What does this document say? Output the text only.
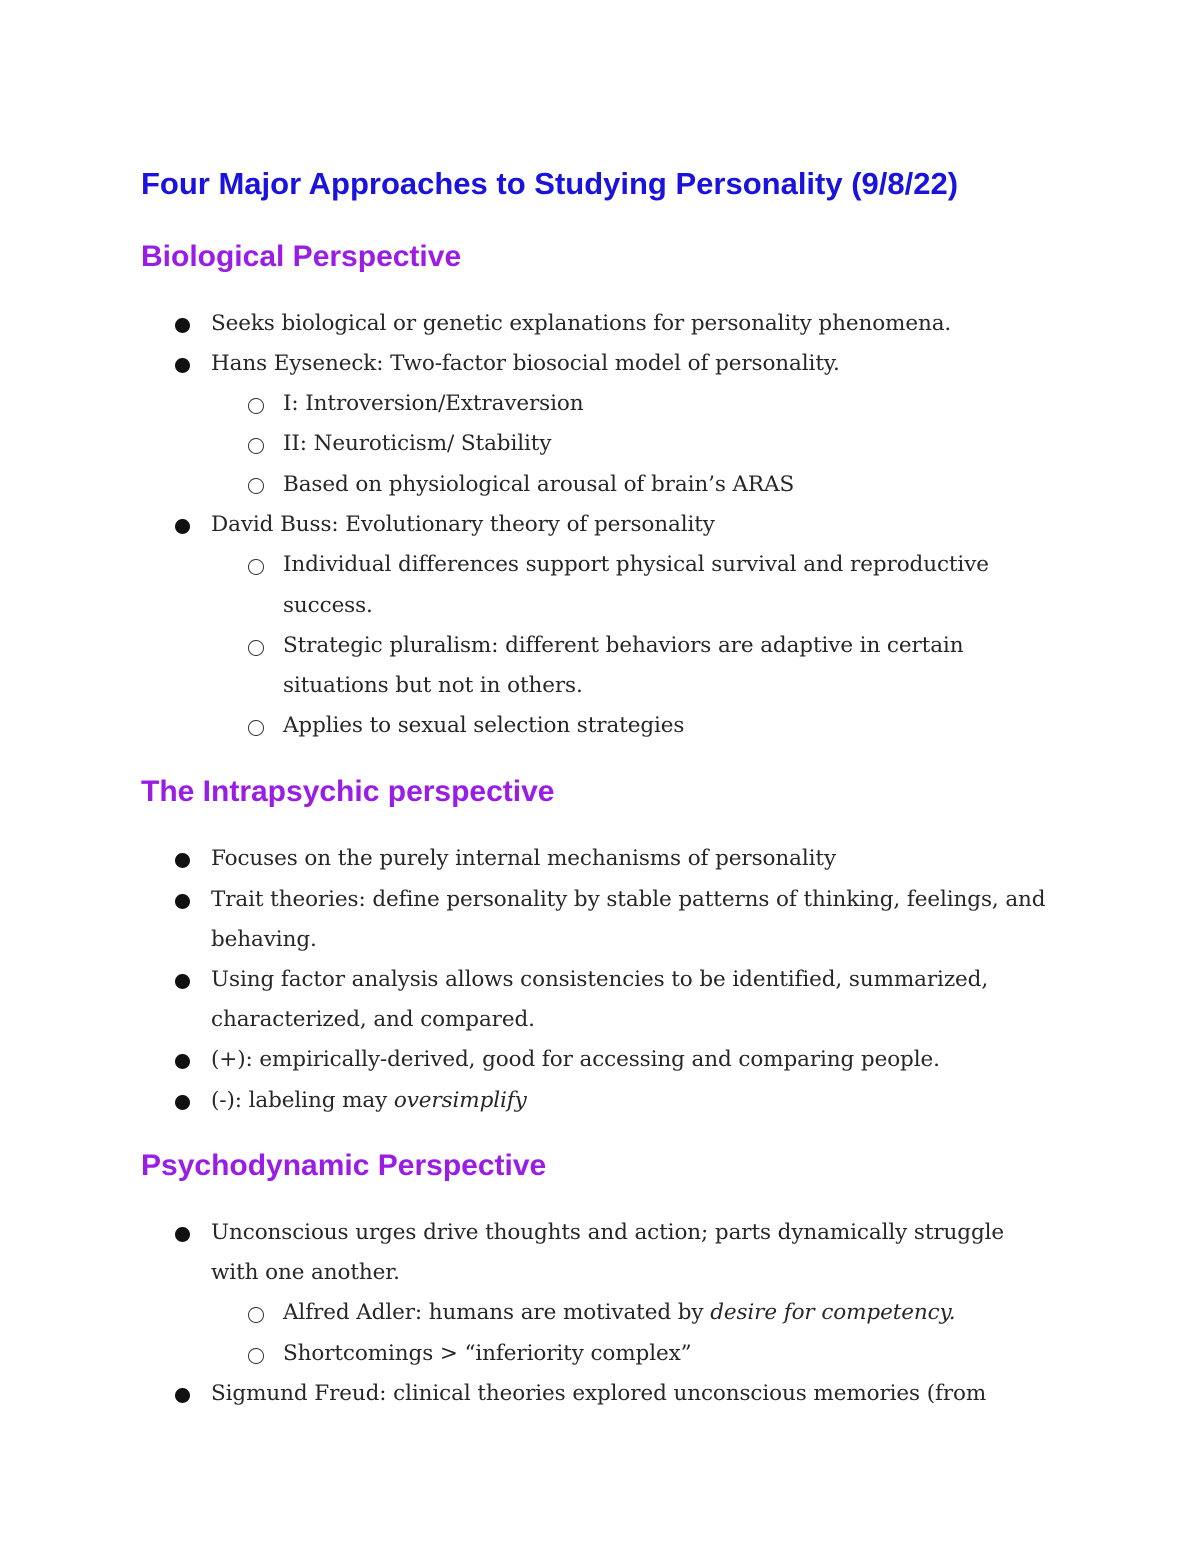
Four Major Approaches to Studying Personality (9/8/22)
Biological Perspective
Seeks biological or genetic explanations for personality phenomena.
Hans Eyseneck: Two-factor biosocial model of personality.
I: Introversion/Extraversion
II: Neuroticism/ Stability
Based on physiological arousal of brain’s ARAS
David Buss: Evolutionary theory of personality
Individual differences support physical survival and reproductive
success.
Strategic pluralism: different behaviors are adaptive in certain
situations but not in others.
Applies to sexual selection strategies
The Intrapsychic perspective
Focuses on the purely internal mechanisms of personality
Trait theories: define personality by stable patterns of thinking, feelings, and
behaving.
Using factor analysis allows consistencies to be identified, summarized,
characterized, and compared.
(+): empirically-derived, good for accessing and comparing people.
(-): labeling may oversimplify
Psychodynamic Perspective
Unconscious urges drive thoughts and action; parts dynamically struggle
with one another.
Alfred Adler: humans are motivated by desire for competency.
Shortcomings > “inferiority complex”
Sigmund Freud: clinical theories explored unconscious memories (from
